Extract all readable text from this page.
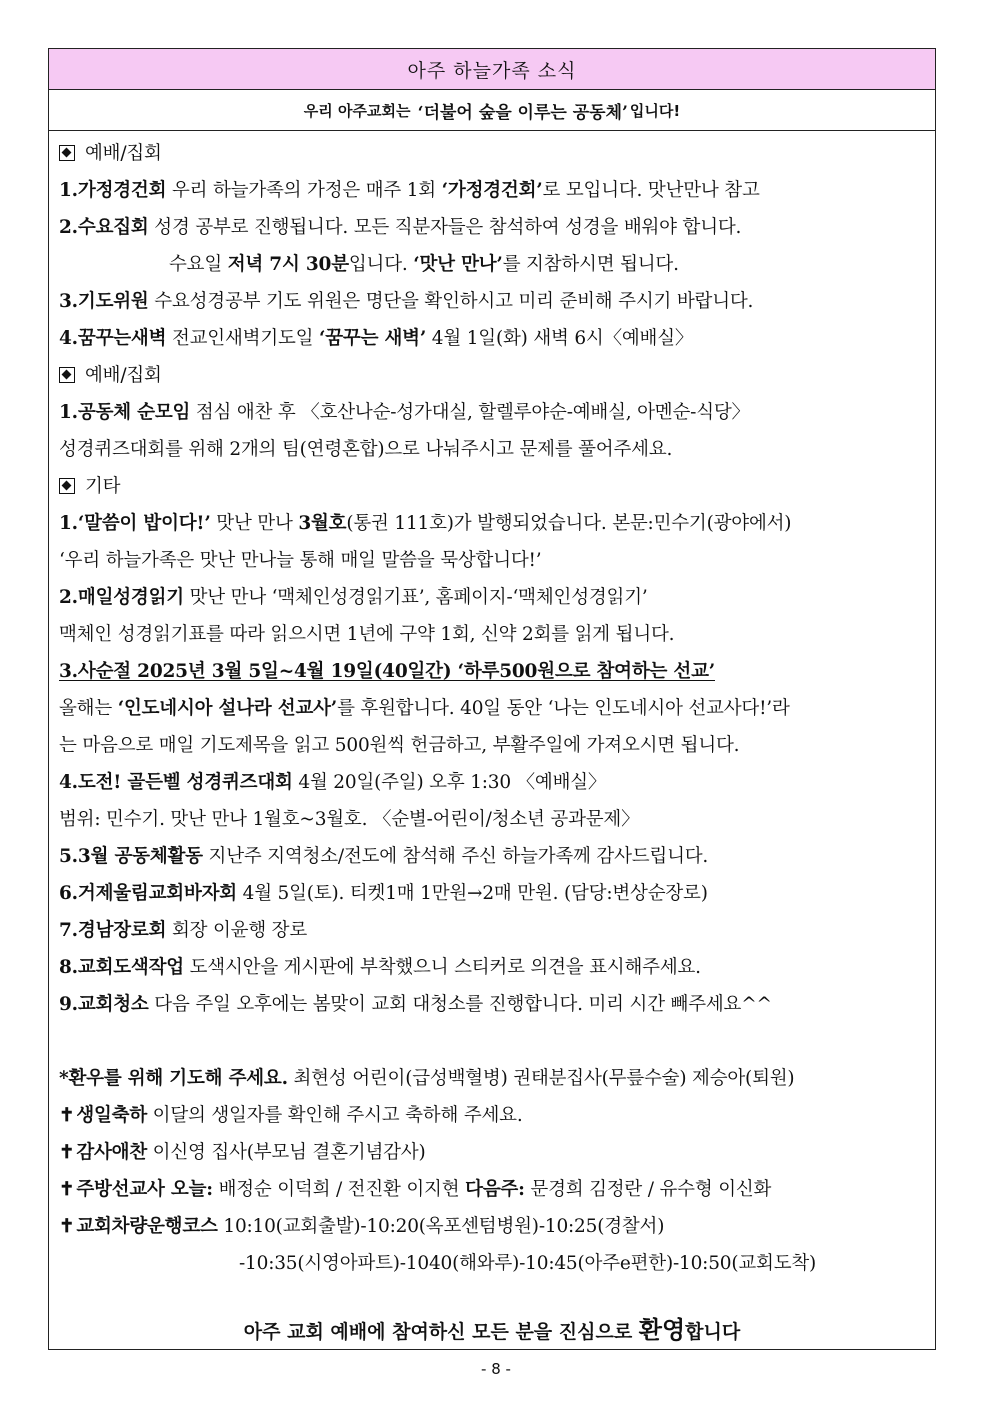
아주 하늘가족 소식
우리 아주교회는
‘더불어 숲을 이루는 공동체’ 입니다!
예배/집회
1.가정경건회 우리 하늘가족의 가정은 매주 1회 ‘가정경건회’로 모입니다. 맛난만나 참고
2.수요집회 성경 공부로 진행됩니다. 모든 직분자들은 참석하여 성경을 배워야 합니다.
수요일 저녁 7시 30분입니다. ‘맛난 만나’를 지참하시면 됩니다.
3.기도위원 수요성경공부 기도 위원은 명단을 확인하시고 미리 준비해 주시기 바랍니다.
4.꿈꾸는새벽 전교인새벽기도일 ‘꿈꾸는 새벽’ 4월 1일(화) 새벽 6시〈예배실〉
예배/집회
1.공동체 순모임 점심 애찬 후 〈호산나순-성가대실, 할렐루야순-예배실, 아멘순-식당〉
성경퀴즈대회를 위해 2개의 팀(연령혼합)으로 나눠주시고 문제를 풀어주세요.
기타
1.‘말씀이 밥이다!’ 맛난 만나 3월호(통권 111호)가 발행되었습니다. 본문:민수기(광야에서)
‘우리 하늘가족은 맛난 만나늘 통해 매일 말씀을 묵상합니다!’
2.매일성경읽기 맛난 만나 ‘맥체인성경읽기표’, 홈페이지-‘맥체인성경읽기’
맥체인 성경읽기표를 따라 읽으시면 1년에 구약 1회, 신약 2회를 읽게 됩니다.
3.사순절 2025년 3월 5일~4월 19일(40일간) ‘하루500원으로 참여하는 선교’
올해는 ‘인도네시아 설나라 선교사’를 후원합니다. 40일 동안 ‘나는 인도네시아 선교사다!’라
는 마음으로 매일 기도제목을 읽고 500원씩 헌금하고, 부활주일에 가져오시면 됩니다.
4.도전! 골든벨 성경퀴즈대회 4월 20일(주일) 오후 1:30 〈예배실〉
범위: 민수기. 맛난 만나 1월호~3월호. 〈순별-어린이/청소년 공과문제〉
5.3월 공동체활동 지난주 지역청소/전도에 참석해 주신 하늘가족께 감사드립니다.
6.거제울림교회바자회 4월 5일(토). 티켓1매 1만원→2매 만원. (담당:변상순장로)
7.경남장로회 회장 이윤행 장로
8.교회도색작업 도색시안을 게시판에 부착했으니 스티커로 의견을 표시해주세요.
9.교회청소 다음 주일 오후에는 봄맞이 교회 대청소를 진행합니다. 미리 시간 빼주세요^^
*환우를 위해 기도해 주세요. 최현성 어린이(급성백혈병) 권태분집사(무릎수술) 제승아(퇴원)
✝ 생일축하 이달의 생일자를 확인해 주시고 축하해 주세요.
✝ 감사애찬 이신영 집사(부모님 결혼기념감사)
✝ 주방선교사 오늘: 배정순 이덕희 / 전진환 이지현 다음주: 문경희 김정란 / 유수형 이신화
✝ 교회차량운행코스 10:10(교회출발)-10:20(옥포센텀병원)-10:25(경찰서)
-10:35(시영아파트)-1040(해와루)-10:45(아주e편한)-10:50(교회도착)
아주 교회 예배에 참여하신 모든 분을 진심으로 환영합니다
- 8 -
